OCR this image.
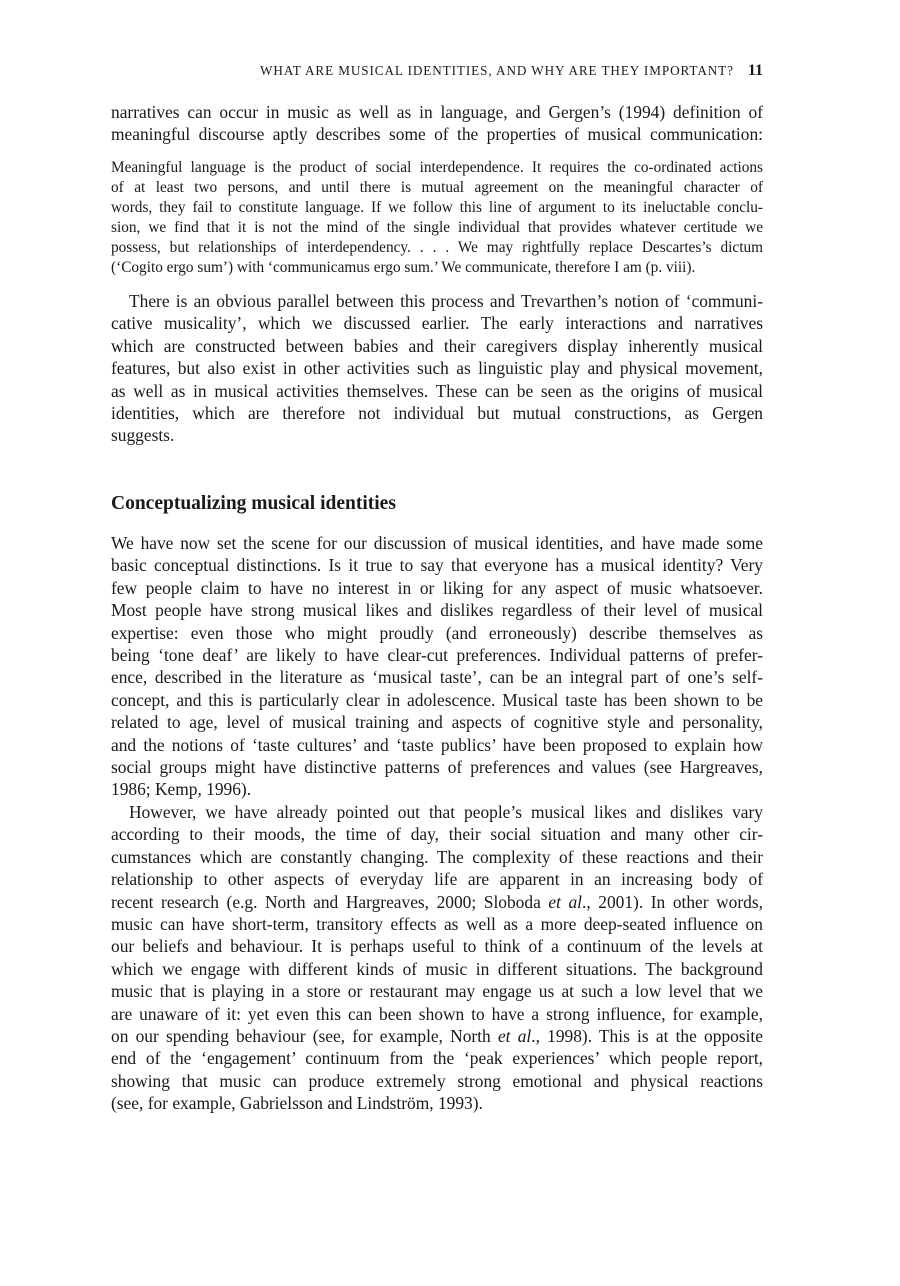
WHAT ARE MUSICAL IDENTITIES, AND WHY ARE THEY IMPORTANT? 11
narratives can occur in music as well as in language, and Gergen’s (1994) definition of
meaningful discourse aptly describes some of the properties of musical communication:
Meaningful language is the product of social interdependence. It requires the co-ordinated actions
of at least two persons, and until there is mutual agreement on the meaningful character of
words, they fail to constitute language. If we follow this line of argument to its ineluctable conclu-
sion, we find that it is not the mind of the single individual that provides whatever certitude we
possess, but relationships of interdependency. . . . We may rightfully replace Descartes’s dictum
(‘Cogito ergo sum’) with ‘communicamus ergo sum.’ We communicate, therefore I am (p. viii).
There is an obvious parallel between this process and Trevarthen’s notion of ‘communi-
cative musicality’, which we discussed earlier. The early interactions and narratives
which are constructed between babies and their caregivers display inherently musical
features, but also exist in other activities such as linguistic play and physical movement,
as well as in musical activities themselves. These can be seen as the origins of musical
identities, which are therefore not individual but mutual constructions, as Gergen
suggests.
Conceptualizing musical identities
We have now set the scene for our discussion of musical identities, and have made some
basic conceptual distinctions. Is it true to say that everyone has a musical identity? Very
few people claim to have no interest in or liking for any aspect of music whatsoever.
Most people have strong musical likes and dislikes regardless of their level of musical
expertise: even those who might proudly (and erroneously) describe themselves as
being ‘tone deaf’ are likely to have clear-cut preferences. Individual patterns of prefer-
ence, described in the literature as ‘musical taste’, can be an integral part of one’s self-
concept, and this is particularly clear in adolescence. Musical taste has been shown to be
related to age, level of musical training and aspects of cognitive style and personality,
and the notions of ‘taste cultures’ and ‘taste publics’ have been proposed to explain how
social groups might have distinctive patterns of preferences and values (see Hargreaves,
1986; Kemp, 1996).
However, we have already pointed out that people’s musical likes and dislikes vary
according to their moods, the time of day, their social situation and many other cir-
cumstances which are constantly changing. The complexity of these reactions and their
relationship to other aspects of everyday life are apparent in an increasing body of
recent research (e.g. North and Hargreaves, 2000; Sloboda et al., 2001). In other words,
music can have short-term, transitory effects as well as a more deep-seated influence on
our beliefs and behaviour. It is perhaps useful to think of a continuum of the levels at
which we engage with different kinds of music in different situations. The background
music that is playing in a store or restaurant may engage us at such a low level that we
are unaware of it: yet even this can been shown to have a strong influence, for example,
on our spending behaviour (see, for example, North et al., 1998). This is at the opposite
end of the ‘engagement’ continuum from the ‘peak experiences’ which people report,
showing that music can produce extremely strong emotional and physical reactions
(see, for example, Gabrielsson and Lindström, 1993).
